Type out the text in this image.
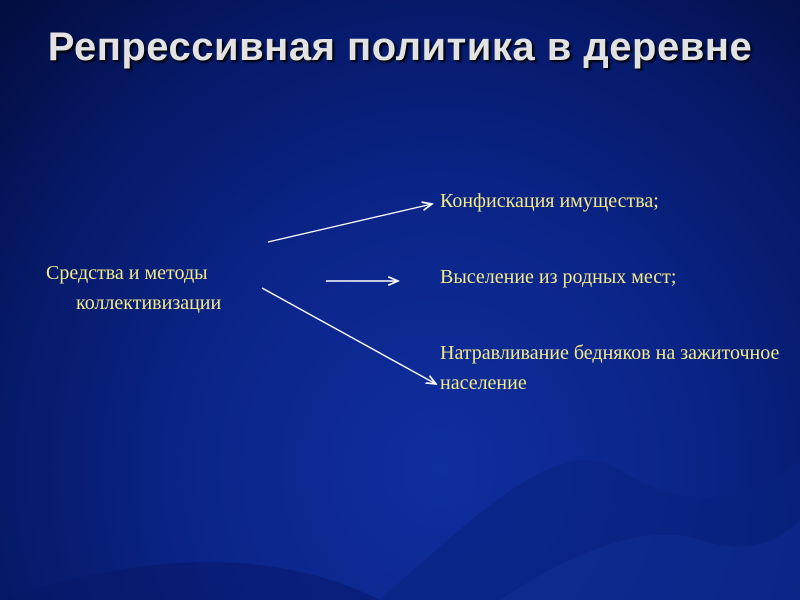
Репрессивная политика в деревне
Средства и методы
коллективизации
Конфискация имущества;
Выселение из родных мест;
Натравливание бедняков на зажиточное население
